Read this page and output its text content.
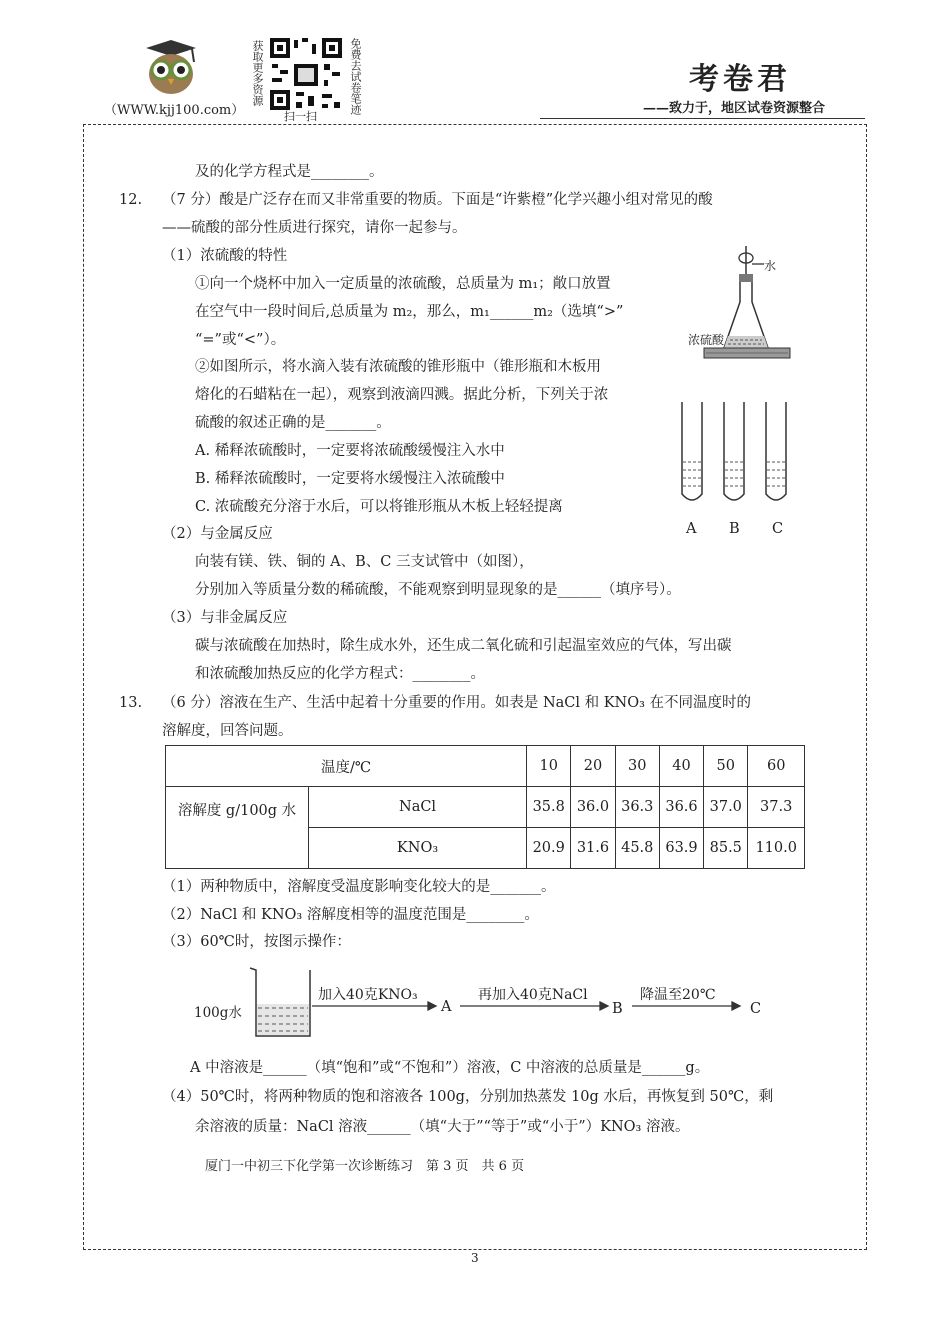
（WWW.kjj100.com）
获取更多资源	免费去试卷笔迹
扫一扫
考卷君
——致力于，地区试卷资源整合
及的化学方程式是________。
12. （7 分）酸是广泛存在而又非常重要的物质。下面是“许紫橙”化学兴趣小组对常见的酸
——硫酸的部分性质进行探究，请你一起参与。
（1）浓硫酸的特性
①向一个烧杯中加入一定质量的浓硫酸，总质量为 m₁；敞口放置
在空气中一段时间后,总质量为 m₂，那么，m₁______m₂（选填“>”
“=”或“<”）。
②如图所示，将水滴入装有浓硫酸的锥形瓶中（锥形瓶和木板用
熔化的石蜡粘在一起），观察到液滴四溅。据此分析，下列关于浓
硫酸的叙述正确的是_______。
A. 稀释浓硫酸时，一定要将浓硫酸缓慢注入水中
B. 稀释浓硫酸时，一定要将水缓慢注入浓硫酸中
C. 浓硫酸充分溶于水后，可以将锥形瓶从木板上轻轻提离
（2）与金属反应
向装有镁、铁、铜的 A、B、C 三支试管中（如图），
分别加入等质量分数的稀硫酸，不能观察到明显现象的是______（填序号）。
（3）与非金属反应
碳与浓硫酸在加热时，除生成水外，还生成二氧化硫和引起温室效应的气体，写出碳
和浓硫酸加热反应的化学方程式：________。
水
浓硫酸
A B C
13. （6 分）溶液在生产、生活中起着十分重要的作用。如表是 NaCl 和 KNO₃ 在不同温度时的
溶解度，回答问题。
温度/℃		10	20	30	40	50	60
溶解度 g/100g 水	NaCl	35.8	36.0	36.3	36.6	37.0	37.3
	KNO₃	20.9	31.6	45.8	63.9	85.5	110.0
（1）两种物质中，溶解度受温度影响变化较大的是_______。
（2）NaCl 和 KNO₃ 溶解度相等的温度范围是________。
（3）60℃时，按图示操作：
100g水
加入40克KNO₃
A
再加入40克NaCl
B
降温至20℃
C
A 中溶液是______（填“饱和”或“不饱和”）溶液，C 中溶液的总质量是______g。
（4）50℃时，将两种物质的饱和溶液各 100g，分别加热蒸发 10g 水后，再恢复到 50℃，剩
余溶液的质量：NaCl 溶液______（填“大于”“等于”或“小于”）KNO₃ 溶液。
厦门一中初三下化学第一次诊断练习　第 3 页　共 6 页
3
